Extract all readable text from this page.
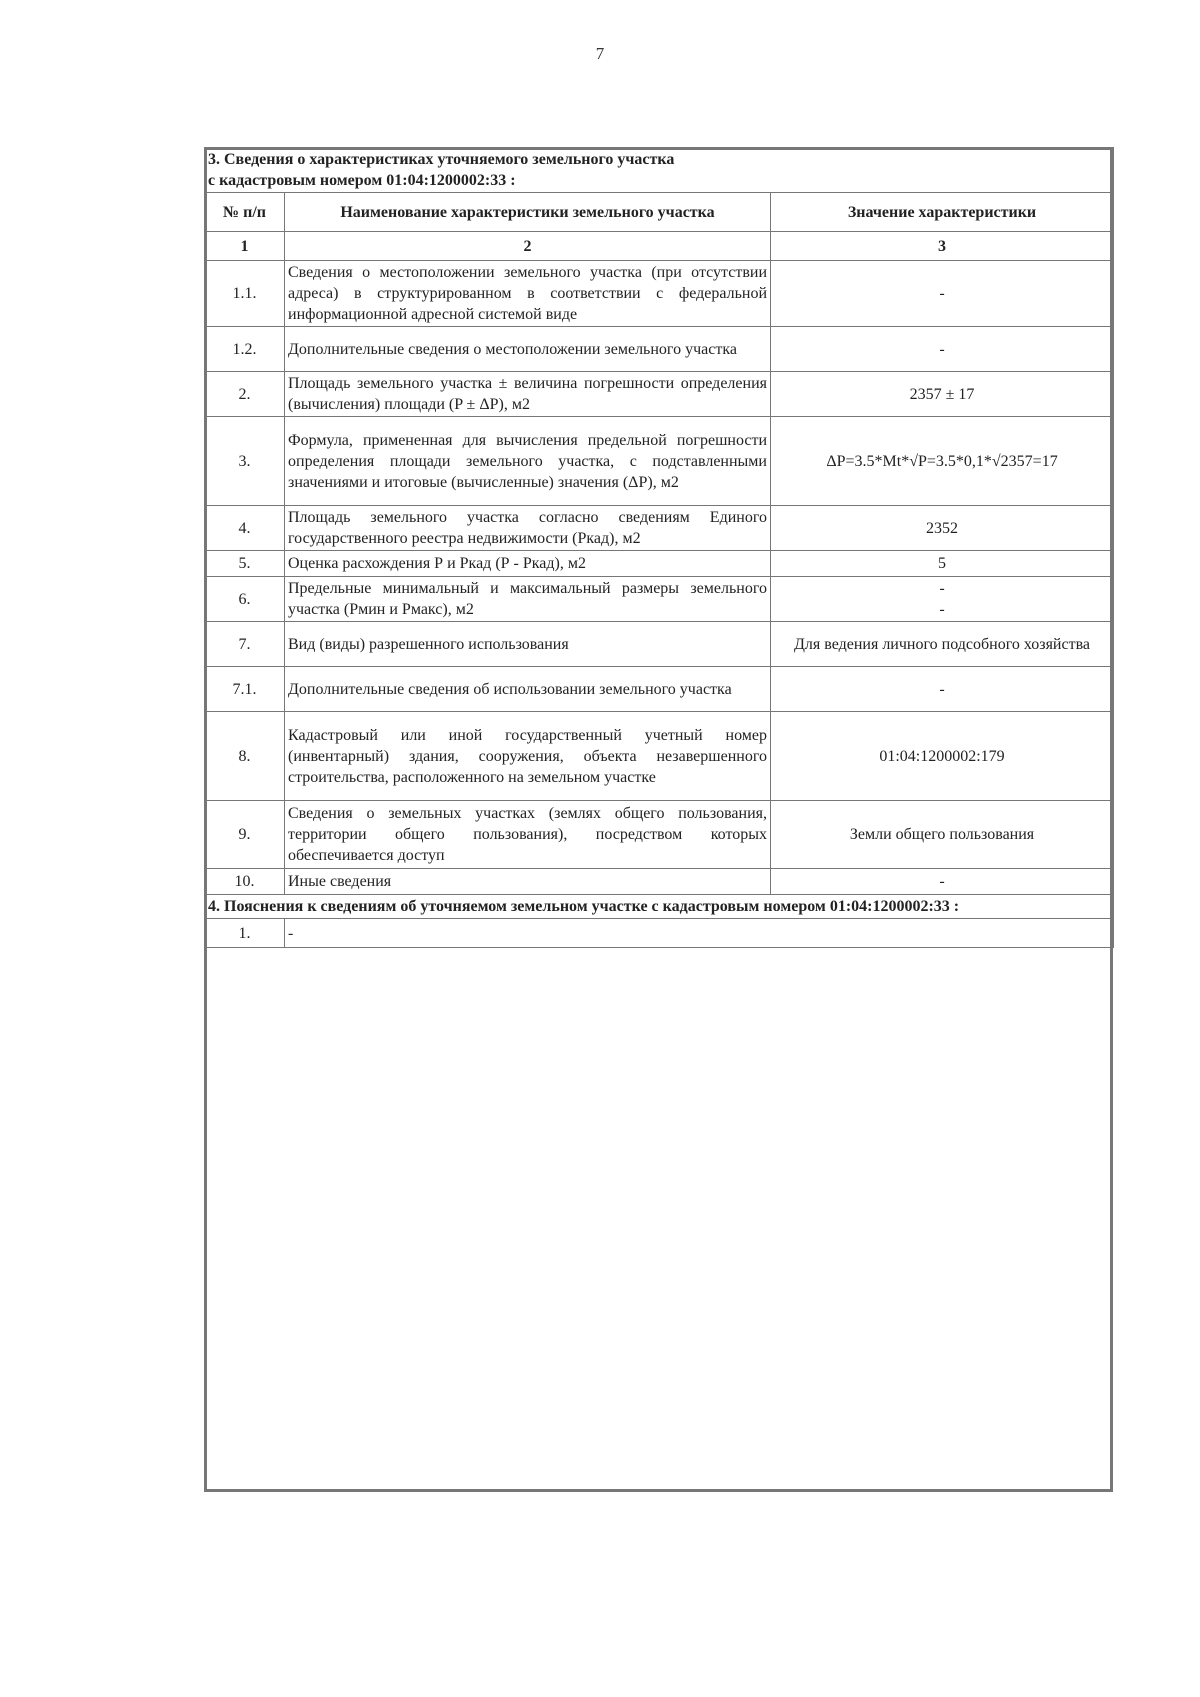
7
3. Сведения о характеристиках уточняемого земельного участка
с кадастровым номером 01:04:1200002:33 :		

№ п/п	Наименование характеристики земельного участка	Значение характеристики
1	2	3
1.1.	Сведения о местоположении земельного участка (при отсутствии адреса) в структурированном в соответствии с федеральной информационной адресной системой виде	-
1.2.	Дополнительные сведения о местоположении земельного участка	-
2.	Площадь земельного участка ± величина погрешности определения (вычисления) площади (P ± ΔP), м2	2357 ± 17
3.	Формула, примененная для вычисления предельной погрешности определения площади земельного участка, с подставленными значениями и итоговые (вычисленные) значения (ΔP), м2	ΔP=3.5*Mt*√P=3.5*0,1*√2357=17
4.	Площадь земельного участка согласно сведениям Единого государственного реестра недвижимости (Ркад), м2	2352
5.	Оценка расхождения Р и Ркад (Р - Ркад), м2	5
6.	Предельные минимальный и максимальный размеры земельного участка (Pмин и Pмакс), м2	-
-

7.	Вид (виды) разрешенного использования	Для ведения личного подсобного хозяйства
7.1.	Дополнительные сведения об использовании земельного участка	-
8.	Кадастровый или иной государственный учетный номер (инвентарный) здания, сооружения, объекта незавершенного строительства, расположенного на земельном участке	01:04:1200002:179
9.	Сведения о земельных участках (землях общего пользования, территории общего пользования), посредством которых обеспечивается доступ	Земли общего пользования
10.	Иные сведения	-
4. Пояснения к сведениям об уточняемом земельном участке с кадастровым номером 01:04:1200002:33 :		
1.	-	
